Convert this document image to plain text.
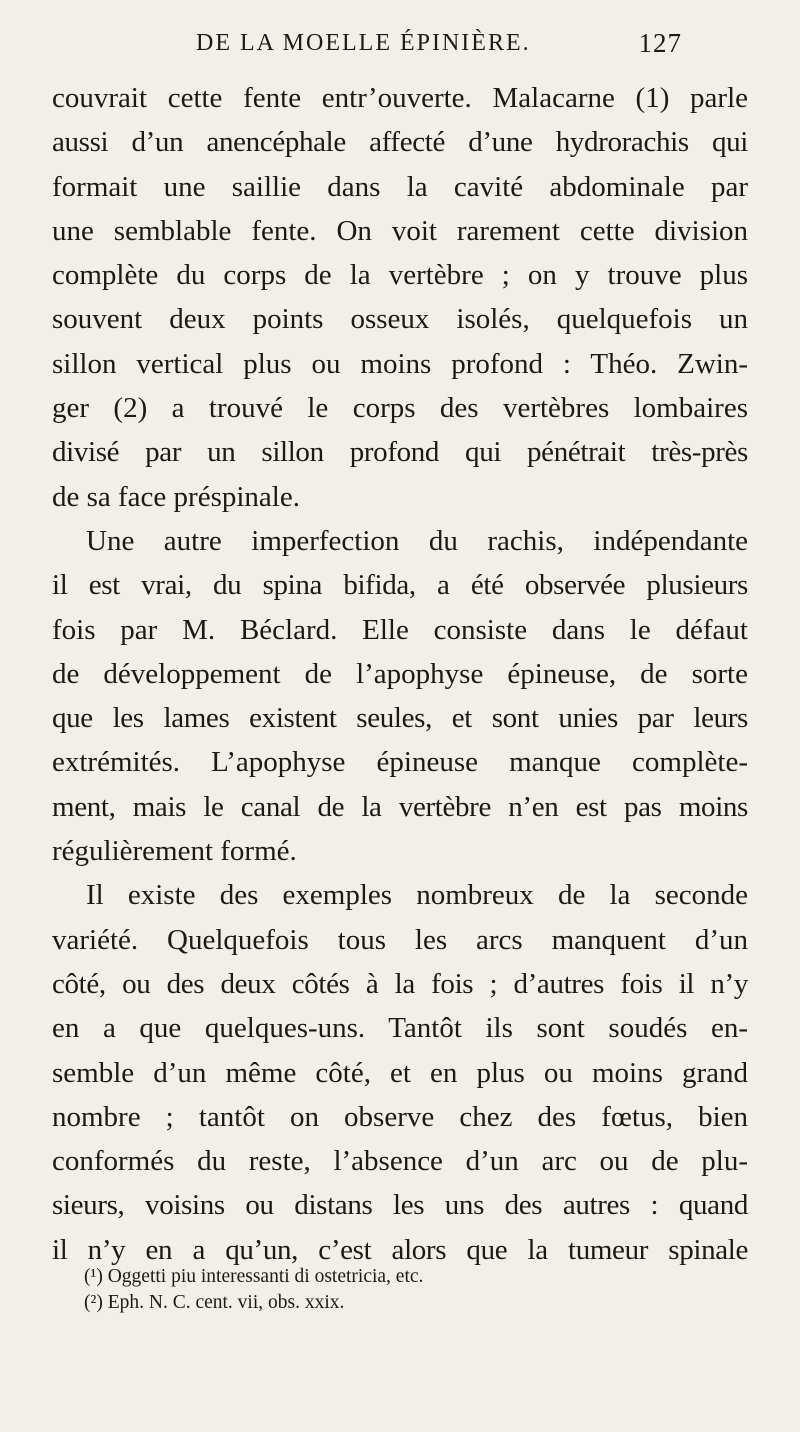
DE LA MOELLE ÉPINIÈRE.	127
couvrait cette fente entr’ouverte. Malacarne (1) parle
aussi d’un anencéphale affecté d’une hydrorachis qui
formait une saillie dans la cavité abdominale par
une semblable fente. On voit rarement cette division
complète du corps de la vertèbre ; on y trouve plus
souvent deux points osseux isolés, quelquefois un
sillon vertical plus ou moins profond : Théo. Zwin-
ger (2) a trouvé le corps des vertèbres lombaires
divisé par un sillon profond qui pénétrait très-près
de sa face préspinale.
Une autre imperfection du rachis, indépendante
il est vrai, du spina bifida, a été observée plusieurs
fois par M. Béclard. Elle consiste dans le défaut
de développement de l’apophyse épineuse, de sorte
que les lames existent seules, et sont unies par leurs
extrémités. L’apophyse épineuse manque complète-
ment, mais le canal de la vertèbre n’en est pas moins
régulièrement formé.
Il existe des exemples nombreux de la seconde
variété. Quelquefois tous les arcs manquent d’un
côté, ou des deux côtés à la fois ; d’autres fois il n’y
en a que quelques-uns. Tantôt ils sont soudés en-
semble d’un même côté, et en plus ou moins grand
nombre ; tantôt on observe chez des fœtus, bien
conformés du reste, l’absence d’un arc ou de plu-
sieurs, voisins ou distans les uns des autres : quand
il n’y en a qu’un, c’est alors que la tumeur spinale
(¹) Oggetti piu interessanti di ostetricia, etc.
(²) Eph. N. C. cent. vii, obs. xxix.
